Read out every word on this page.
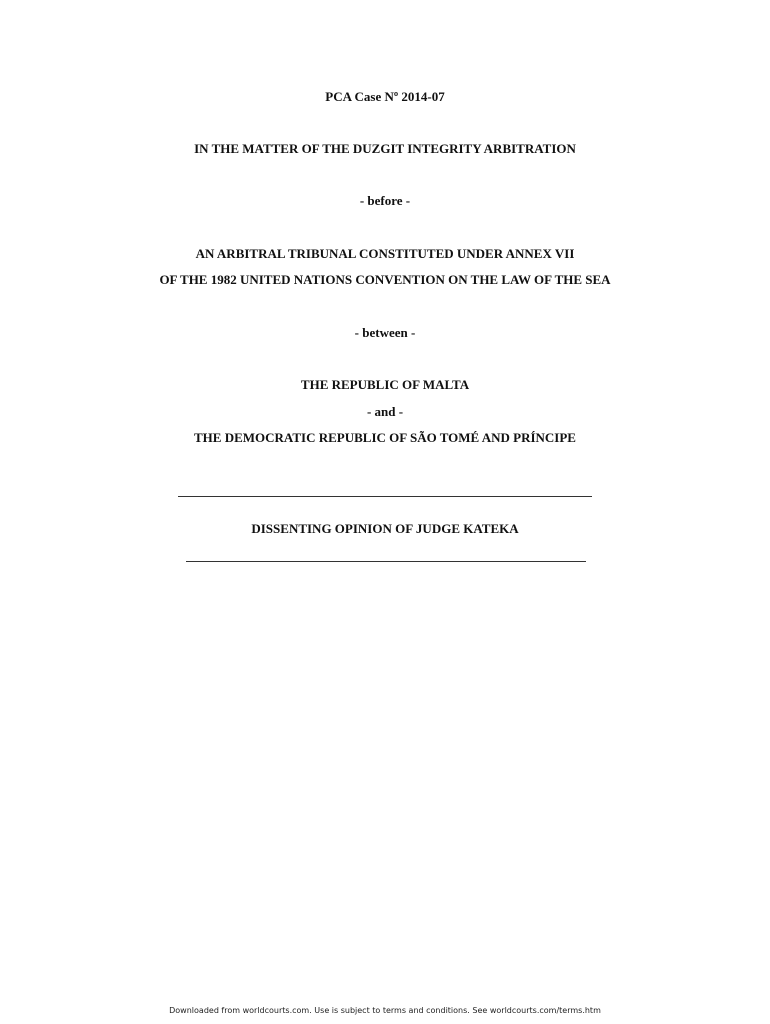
PCA Case Nº 2014-07
IN THE MATTER OF THE DUZGIT INTEGRITY ARBITRATION
- before -
AN ARBITRAL TRIBUNAL CONSTITUTED UNDER ANNEX VII
OF THE 1982 UNITED NATIONS CONVENTION ON THE LAW OF THE SEA
- between -
THE REPUBLIC OF MALTA
- and -
THE DEMOCRATIC REPUBLIC OF SÃO TOMÉ AND PRÍNCIPE
DISSENTING OPINION OF JUDGE KATEKA
Downloaded from worldcourts.com. Use is subject to terms and conditions. See worldcourts.com/terms.htm
